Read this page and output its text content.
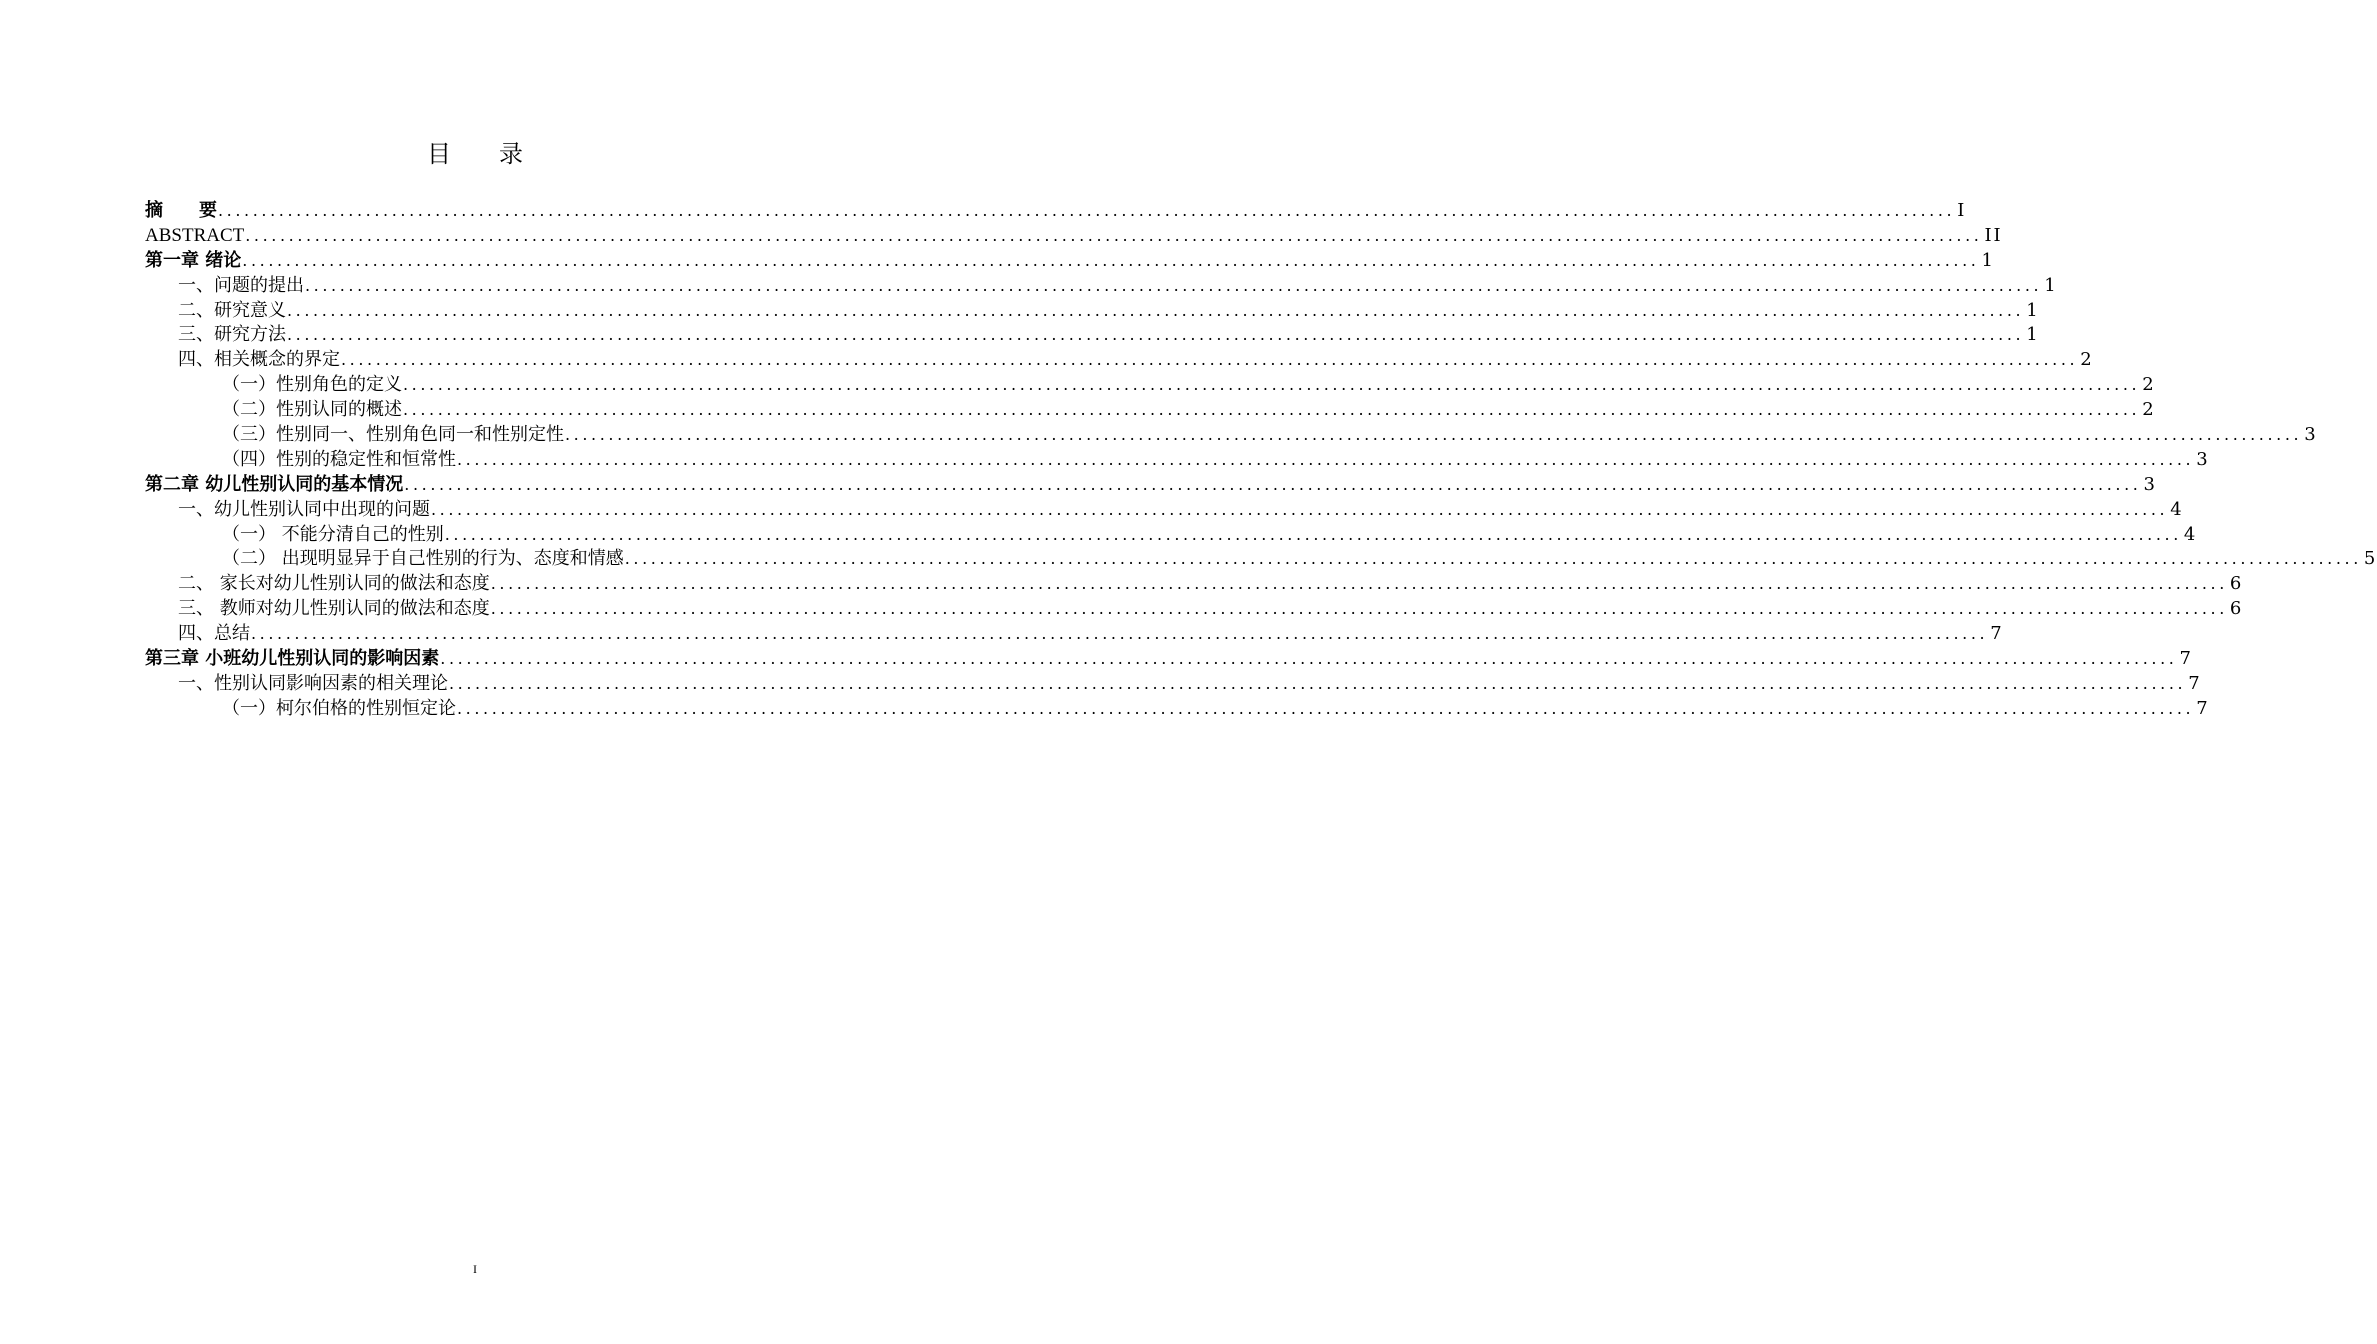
目 录
摘　　要 ........................................................................................................................................................................................................ I
ABSTRACT ........................................................................................................................................................................................................ II
第一章 绪论 ........................................................................................................................................................................................................ 1
一、问题的提出 ........................................................................................................................................................................................................ 1
二、研究意义 ........................................................................................................................................................................................................ 1
三、研究方法 ........................................................................................................................................................................................................ 1
四、相关概念的界定 ........................................................................................................................................................................................................ 2
（一）性别角色的定义 ........................................................................................................................................................................................................ 2
（二）性别认同的概述 ........................................................................................................................................................................................................ 2
（三）性别同一、性别角色同一和性别定性 ........................................................................................................................................................................................................ 3
（四）性别的稳定性和恒常性 ........................................................................................................................................................................................................ 3
第二章 幼儿性别认同的基本情况 ........................................................................................................................................................................................................ 3
一、幼儿性别认同中出现的问题 ........................................................................................................................................................................................................ 4
（一） 不能分清自己的性别 ........................................................................................................................................................................................................ 4
（二） 出现明显异于自己性别的行为、态度和情感 ........................................................................................................................................................................................................ 5
二、 家长对幼儿性别认同的做法和态度 ........................................................................................................................................................................................................ 6
三、 教师对幼儿性别认同的做法和态度 ........................................................................................................................................................................................................ 6
四、总结 ........................................................................................................................................................................................................ 7
第三章 小班幼儿性别认同的影响因素 ........................................................................................................................................................................................................ 7
一、性别认同影响因素的相关理论 ........................................................................................................................................................................................................ 7
（一）柯尔伯格的性别恒定论 ........................................................................................................................................................................................................ 7
I
